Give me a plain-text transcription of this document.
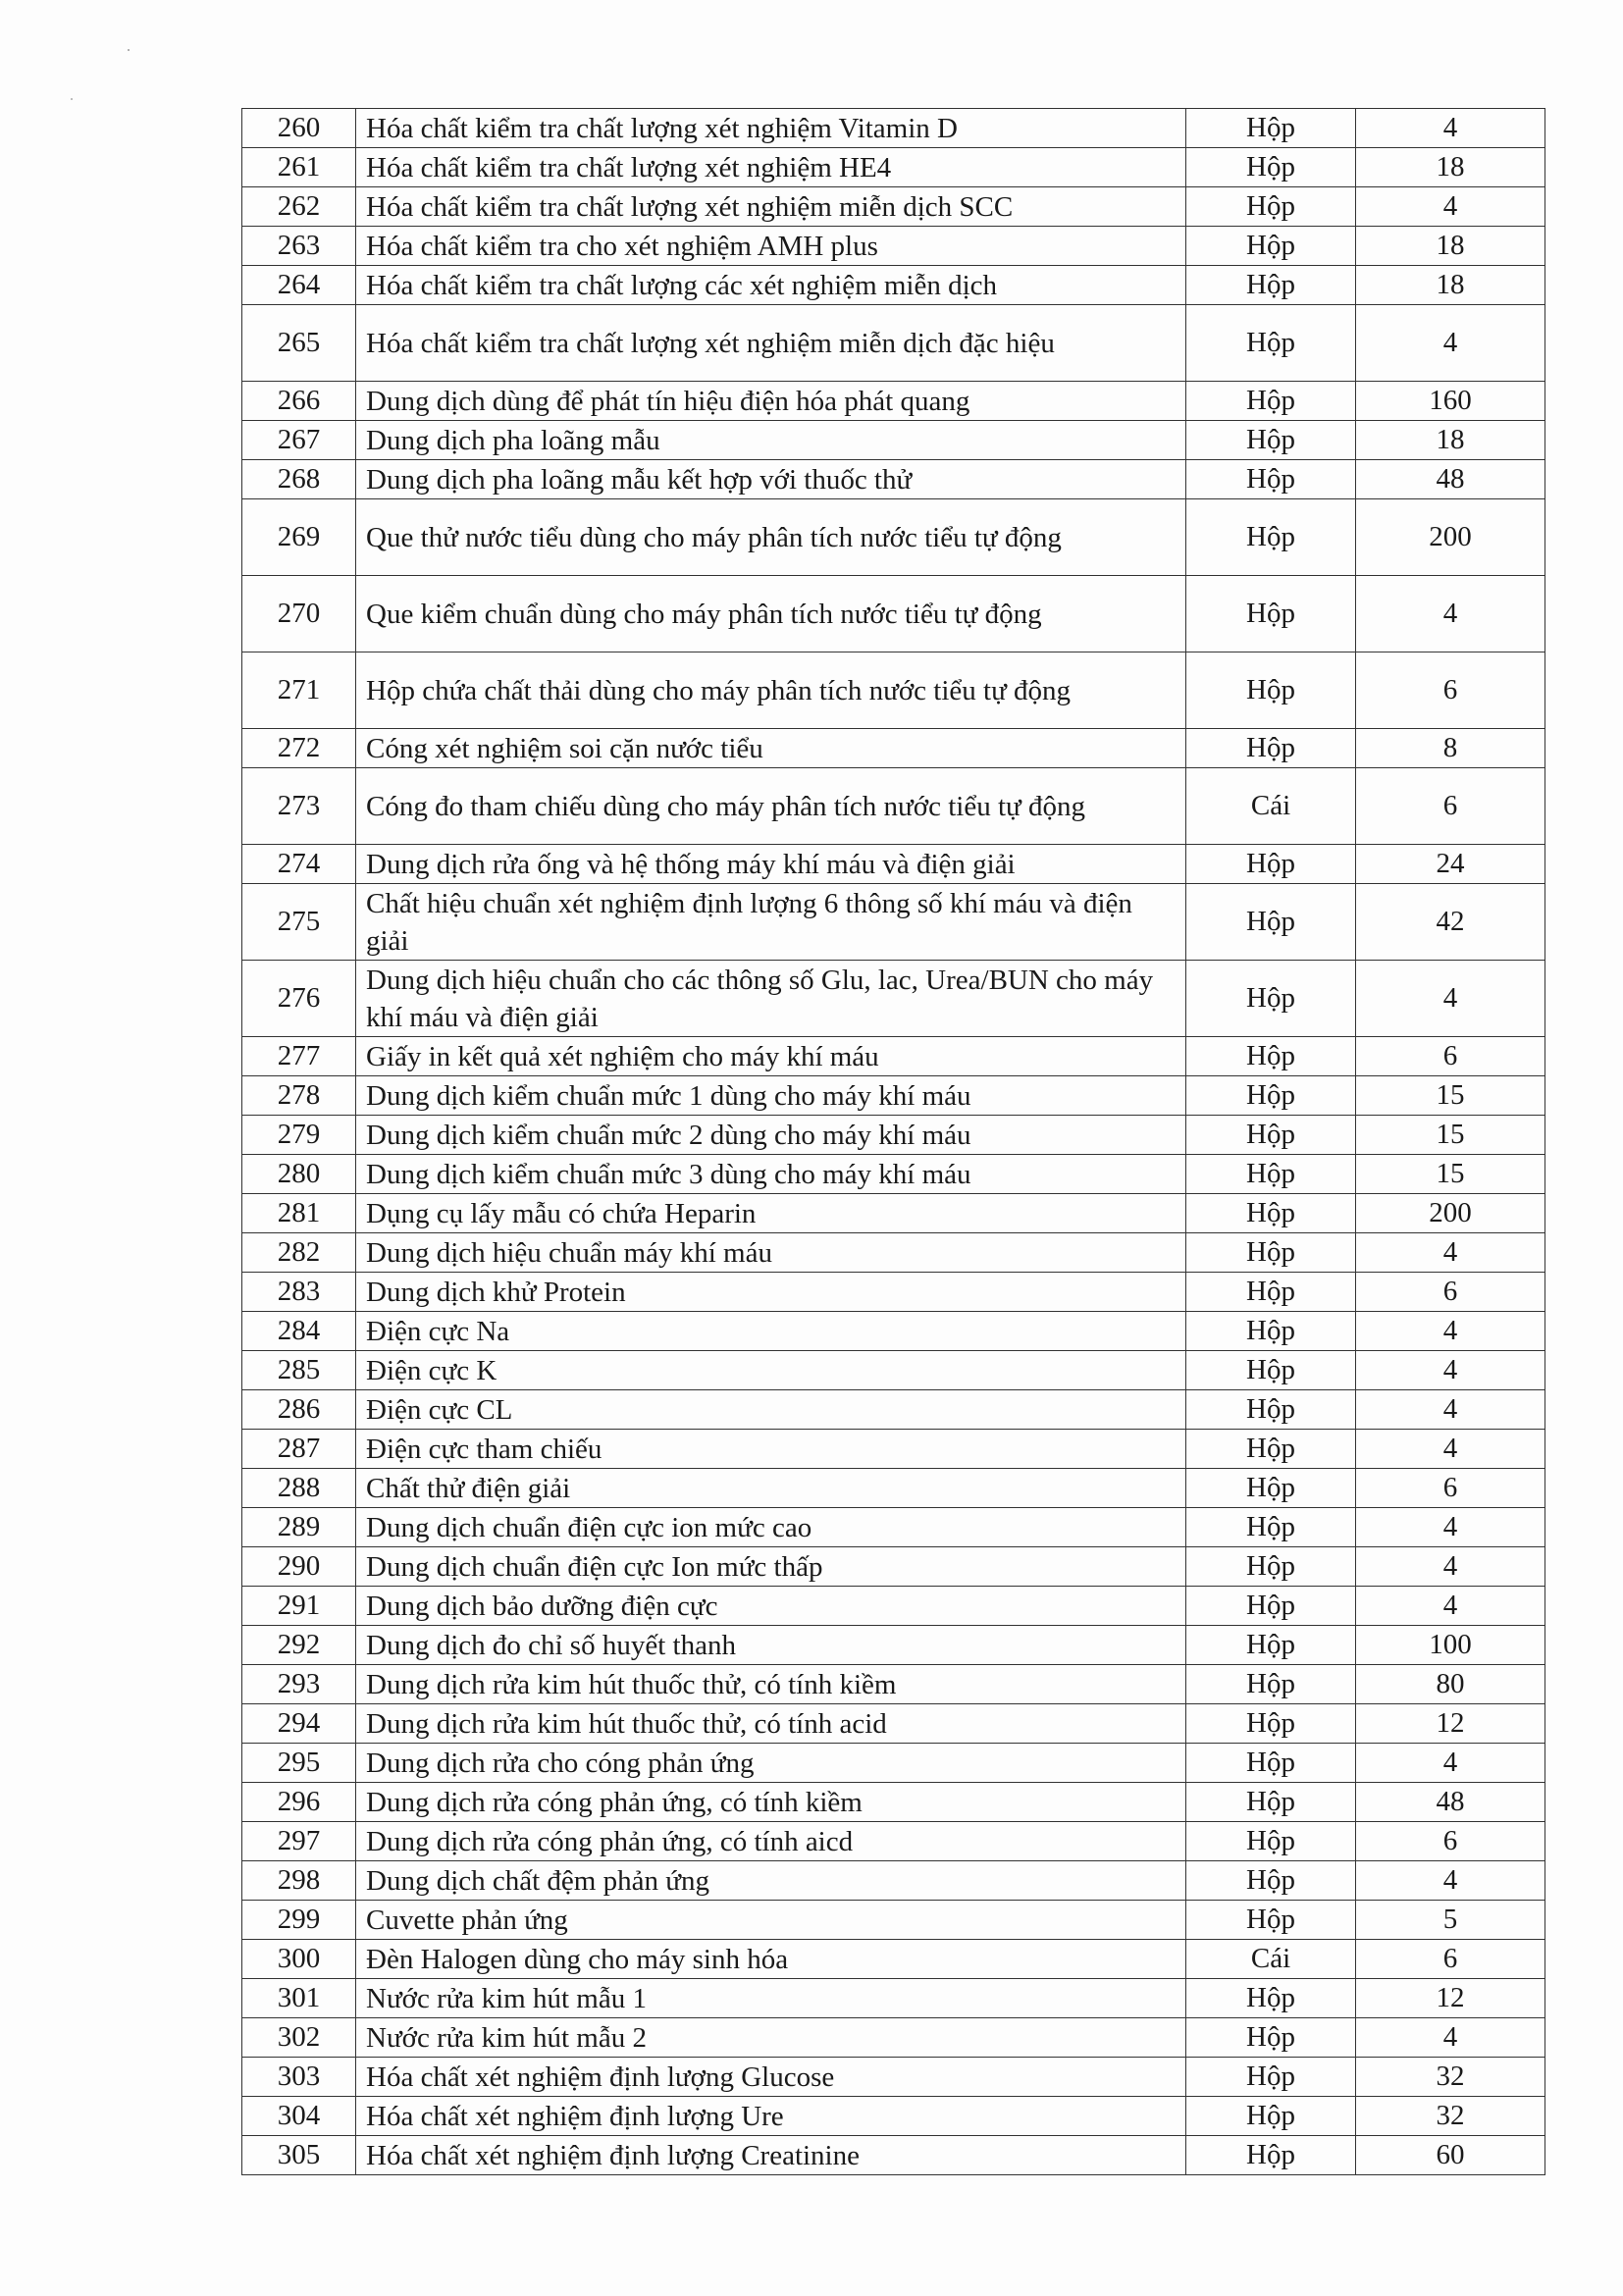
260	Hóa chất kiểm tra chất lượng xét nghiệm Vitamin D	Hộp	4
261	Hóa chất kiểm tra chất lượng xét nghiệm HE4	Hộp	18
262	Hóa chất kiểm tra chất lượng xét nghiệm miễn dịch SCC	Hộp	4
263	Hóa chất kiểm tra cho xét nghiệm AMH plus	Hộp	18
264	Hóa chất kiểm tra chất lượng các xét nghiệm miễn dịch	Hộp	18
265	Hóa chất kiểm tra chất lượng xét nghiệm miễn dịch đặc hiệu	Hộp	4
266	Dung dịch dùng để phát tín hiệu điện hóa phát quang	Hộp	160
267	Dung dịch pha loãng mẫu	Hộp	18
268	Dung dịch pha loãng mẫu kết hợp với thuốc thử	Hộp	48
269	Que thử nước tiểu dùng cho máy phân tích nước tiểu tự động	Hộp	200
270	Que kiểm chuẩn dùng cho máy phân tích nước tiểu tự động	Hộp	4
271	Hộp chứa chất thải dùng cho máy phân tích nước tiểu tự động	Hộp	6
272	Cóng xét nghiệm soi cặn nước tiểu	Hộp	8
273	Cóng đo tham chiếu dùng cho máy phân tích nước tiểu tự động	Cái	6
274	Dung dịch rửa ống và hệ thống máy khí máu và điện giải	Hộp	24
275	Chất hiệu chuẩn xét nghiệm định lượng 6 thông số khí máu và điện giải	Hộp	42
276	Dung dịch hiệu chuẩn cho các thông số Glu, lac, Urea/BUN cho máy khí máu và điện giải	Hộp	4
277	Giấy in kết quả xét nghiệm cho máy khí máu	Hộp	6
278	Dung dịch kiểm chuẩn mức 1 dùng cho máy khí máu	Hộp	15
279	Dung dịch kiểm chuẩn mức 2 dùng cho máy khí máu	Hộp	15
280	Dung dịch kiểm chuẩn mức 3 dùng cho máy khí máu	Hộp	15
281	Dụng cụ lấy mẫu có chứa Heparin	Hộp	200
282	Dung dịch hiệu chuẩn máy khí máu	Hộp	4
283	Dung dịch khử Protein	Hộp	6
284	Điện cực Na	Hộp	4
285	Điện cực K	Hộp	4
286	Điện cực CL	Hộp	4
287	Điện cực tham chiếu	Hộp	4
288	Chất thử điện giải	Hộp	6
289	Dung dịch chuẩn điện cực ion mức cao	Hộp	4
290	Dung dịch chuẩn điện cực Ion mức thấp	Hộp	4
291	Dung dịch bảo dưỡng điện cực	Hộp	4
292	Dung dịch đo chỉ số huyết thanh	Hộp	100
293	Dung dịch rửa kim hút thuốc thử, có tính kiềm	Hộp	80
294	Dung dịch rửa kim hút thuốc thử, có tính acid	Hộp	12
295	Dung dịch rửa cho cóng phản ứng	Hộp	4
296	Dung dịch rửa cóng phản ứng, có tính kiềm	Hộp	48
297	Dung dịch rửa cóng phản ứng, có tính aicd	Hộp	6
298	Dung dịch chất đệm phản ứng	Hộp	4
299	Cuvette phản ứng	Hộp	5
300	Đèn Halogen dùng cho máy sinh hóa	Cái	6
301	Nước rửa kim hút mẫu 1	Hộp	12
302	Nước rửa kim hút mẫu 2	Hộp	4
303	Hóa chất xét nghiệm định lượng Glucose	Hộp	32
304	Hóa chất xét nghiệm định lượng Ure	Hộp	32
305	Hóa chất xét nghiệm định lượng Creatinine	Hộp	60
